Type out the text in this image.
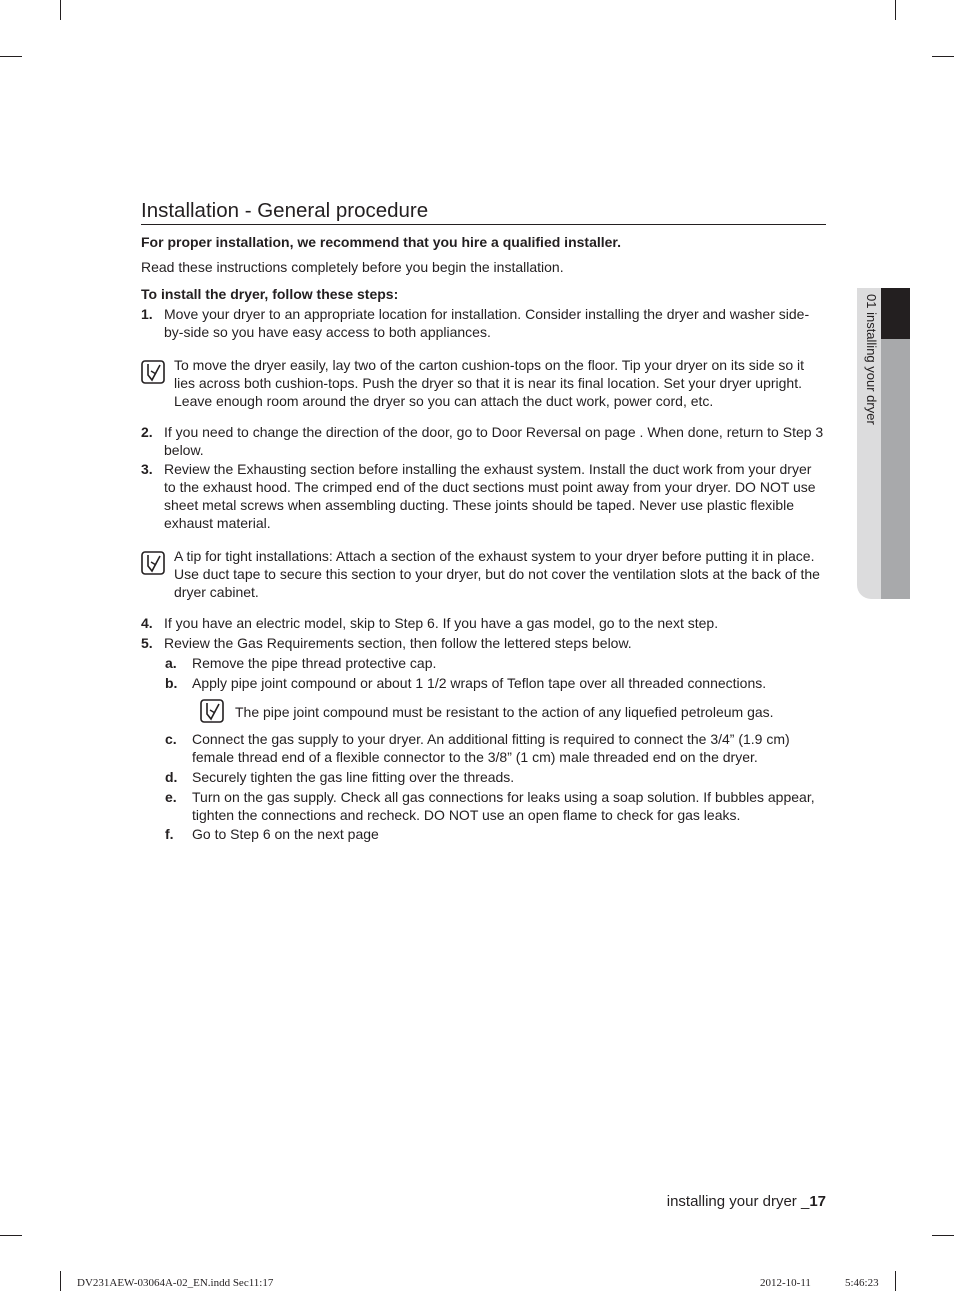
01 installing your dryer
Installation - General procedure

For proper installation, we recommend that you hire a qualified installer.

Read these instructions completely before you begin the installation.

To install the dryer, follow these steps:

1. Move your dryer to an appropriate location for installation. Consider installing the dryer and washer side-by-side so you have easy access to both appliances.
To move the dryer easily, lay two of the carton cushion-tops on the floor. Tip your dryer on its side so it lies across both cushion-tops. Push the dryer so that it is near its final location. Set your dryer upright. Leave enough room around the dryer so you can attach the duct work, power cord, etc.
2. If you need to change the direction of the door, go to Door Reversal on page . When done, return to Step 3 below.
3. Review the Exhausting section before installing the exhaust system. Install the duct work from your dryer to the exhaust hood. The crimped end of the duct sections must point away from your dryer. DO NOT use sheet metal screws when assembling ducting. These joints should be taped. Never use plastic flexible exhaust material.
A tip for tight installations: Attach a section of the exhaust system to your dryer before putting it in place. Use duct tape to secure this section to your dryer, but do not cover the ventilation slots at the back of the dryer cabinet.
4. If you have an electric model, skip to Step 6. If you have a gas model, go to the next step.
5. Review the Gas Requirements section, then follow the lettered steps below.
a. Remove the pipe thread protective cap.
b. Apply pipe joint compound or about 1 1/2 wraps of Teflon tape over all threaded connections.
The pipe joint compound must be resistant to the action of any liquefied petroleum gas.
c. Connect the gas supply to your dryer. An additional fitting is required to connect the 3/4” (1.9 cm) female thread end of a flexible connector to the 3/8” (1 cm) male threaded end on the dryer.
d. Securely tighten the gas line fitting over the threads.
e. Turn on the gas supply. Check all gas connections for leaks using a soap solution. If bubbles appear, tighten the connections and recheck. DO NOT use an open flame to check for gas leaks.
f. Go to Step 6 on the next page
installing your dryer _17
DV231AEW-03064A-02_EN.indd Sec11:17	2012-10-11	5:46:23
